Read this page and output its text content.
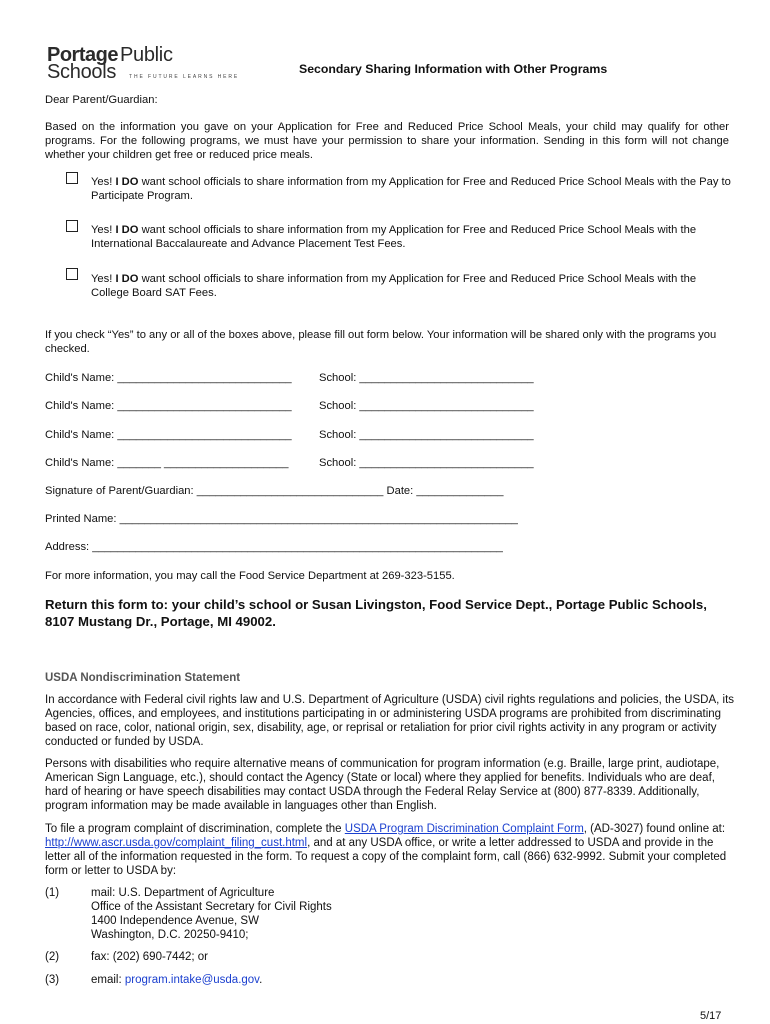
Portage Public Schools	THE FUTURE LEARNS HERE
Secondary Sharing Information with Other Programs

Dear Parent/Guardian:

Based on the information you gave on your Application for Free and Reduced Price School Meals, your child may qualify for other programs. For the following programs, we must have your permission to share your information. Sending in this form will not change whether your children get free or reduced price meals.

Yes! I DO want school officials to share information from my Application for Free and Reduced Price School Meals with the Pay to Participate Program.

Yes! I DO want school officials to share information from my Application for Free and Reduced Price School Meals with the International Baccalaureate and Advance Placement Test Fees.

Yes! I DO want school officials to share information from my Application for Free and Reduced Price School Meals with the College Board SAT Fees.

If you check “Yes” to any or all of the boxes above, please fill out form below. Your information will be shared only with the programs you checked.

Child's Name: ____________________________ School: ____________________________
Child's Name: ____________________________ School: ____________________________
Child's Name: ____________________________ School: ____________________________
Child's Name: _______ ____________________	School: ____________________________
Signature of Parent/Guardian: ______________________________ Date: ______________
Printed Name: ________________________________________________________________
Address: __________________________________________________________________
For more information, you may call the Food Service Department at 269-323-5155.
Return this form to: your child’s school or Susan Livingston, Food Service Dept., Portage Public Schools, 8107 Mustang Dr., Portage, MI 49002.
USDA Nondiscrimination Statement

In accordance with Federal civil rights law and U.S. Department of Agriculture (USDA) civil rights regulations and policies, the USDA, its Agencies, offices, and employees, and institutions participating in or administering USDA programs are prohibited from discriminating based on race, color, national origin, sex, disability, age, or reprisal or retaliation for prior civil rights activity in any program or activity conducted or funded by USDA.

Persons with disabilities who require alternative means of communication for program information (e.g. Braille, large print, audiotape, American Sign Language, etc.), should contact the Agency (State or local) where they applied for benefits. Individuals who are deaf, hard of hearing or have speech disabilities may contact USDA through the Federal Relay Service at (800) 877-8339. Additionally, program information may be made available in languages other than English.

To file a program complaint of discrimination, complete the USDA Program Discrimination Complaint Form, (AD-3027) found online at: http://www.ascr.usda.gov/complaint_filing_cust.html, and at any USDA office, or write a letter addressed to USDA and provide in the letter all of the information requested in the form. To request a copy of the complaint form, call (866) 632-9992. Submit your completed form or letter to USDA by:

(1)	mail: U.S. Department of Agriculture
Office of the Assistant Secretary for Civil Rights
1400 Independence Avenue, SW
Washington, D.C. 20250-9410;
(2)	fax: (202) 690-7442; or
(3)	email: program.intake@usda.gov.
5/17
